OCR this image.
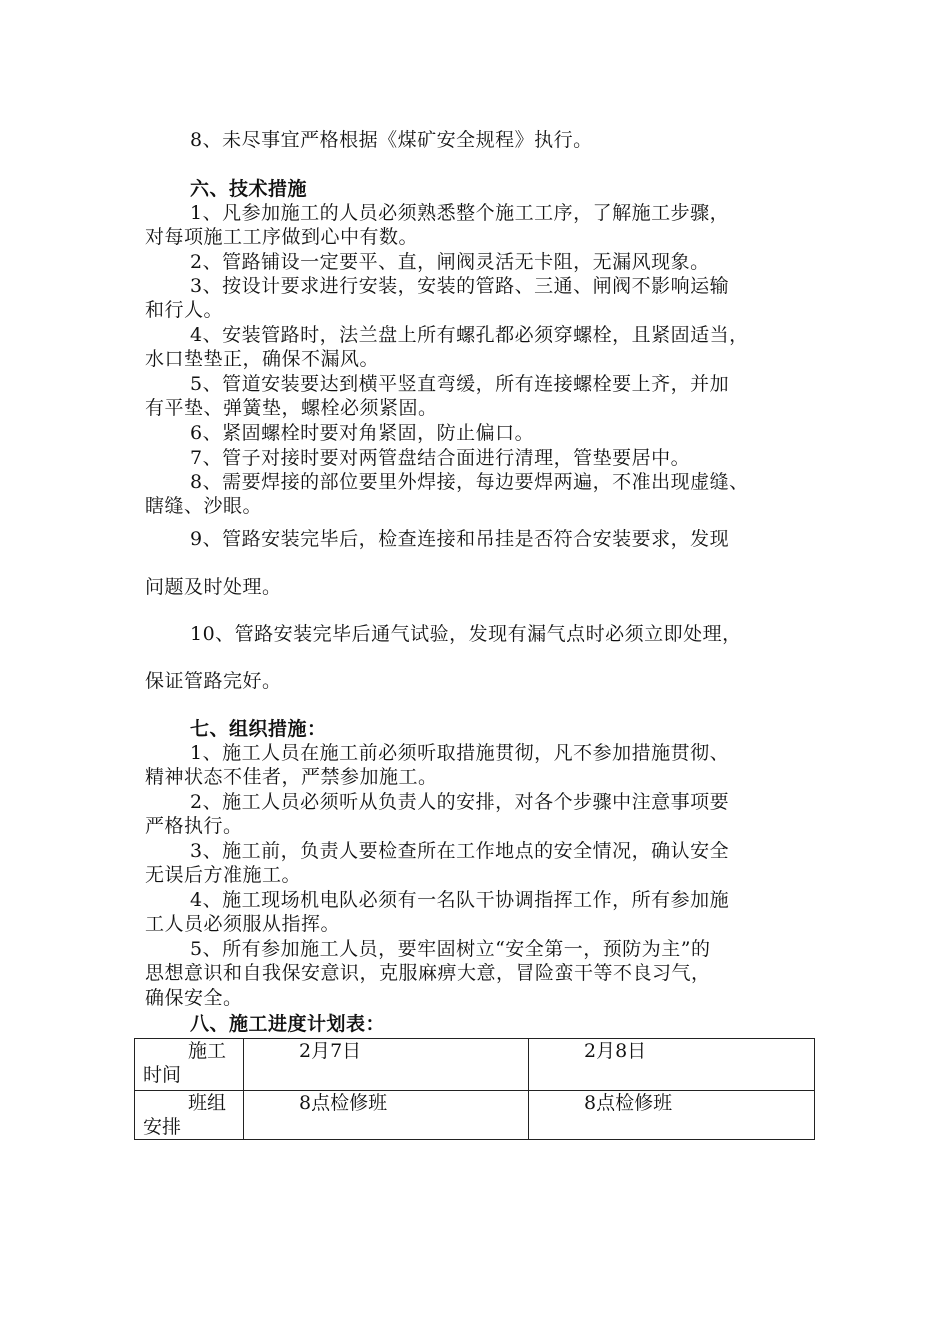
8、未尽事宜严格根据《煤矿安全规程》执行。
六、技术措施
1、凡参加施工的人员必须熟悉整个施工工序，了解施工步骤，
对每项施工工序做到心中有数。
2、管路铺设一定要平、直，闸阀灵活无卡阻，无漏风现象。
3、按设计要求进行安装，安装的管路、三通、闸阀不影响运输
和行人。
4、安装管路时，法兰盘上所有螺孔都必须穿螺栓，且紧固适当，
水口垫垫正，确保不漏风。
5、管道安装要达到横平竖直弯缓，所有连接螺栓要上齐，并加
有平垫、弹簧垫，螺栓必须紧固。
6、紧固螺栓时要对角紧固，防止偏口。
7、管子对接时要对两管盘结合面进行清理，管垫要居中。
8、需要焊接的部位要里外焊接，每边要焊两遍，不准出现虚缝、
瞎缝、沙眼。
9、管路安装完毕后，检查连接和吊挂是否符合安装要求，发现
问题及时处理。
10、管路安装完毕后通气试验，发现有漏气点时必须立即处理，
保证管路完好。
七、组织措施：
1、施工人员在施工前必须听取措施贯彻，凡不参加措施贯彻、
精神状态不佳者，严禁参加施工。
2、施工人员必须听从负责人的安排，对各个步骤中注意事项要
严格执行。
3、施工前，负责人要检查所在工作地点的安全情况，确认安全
无误后方准施工。
4、施工现场机电队必须有一名队干协调指挥工作，所有参加施
工人员必须服从指挥。
5、所有参加施工人员，要牢固树立“安全第一，预防为主”的
思想意识和自我保安意识，克服麻痹大意，冒险蛮干等不良习气，
确保安全。
八、施工进度计划表：
施工
时间	2月7日	2月8日

班组
安排	8点检修班	8点检修班
